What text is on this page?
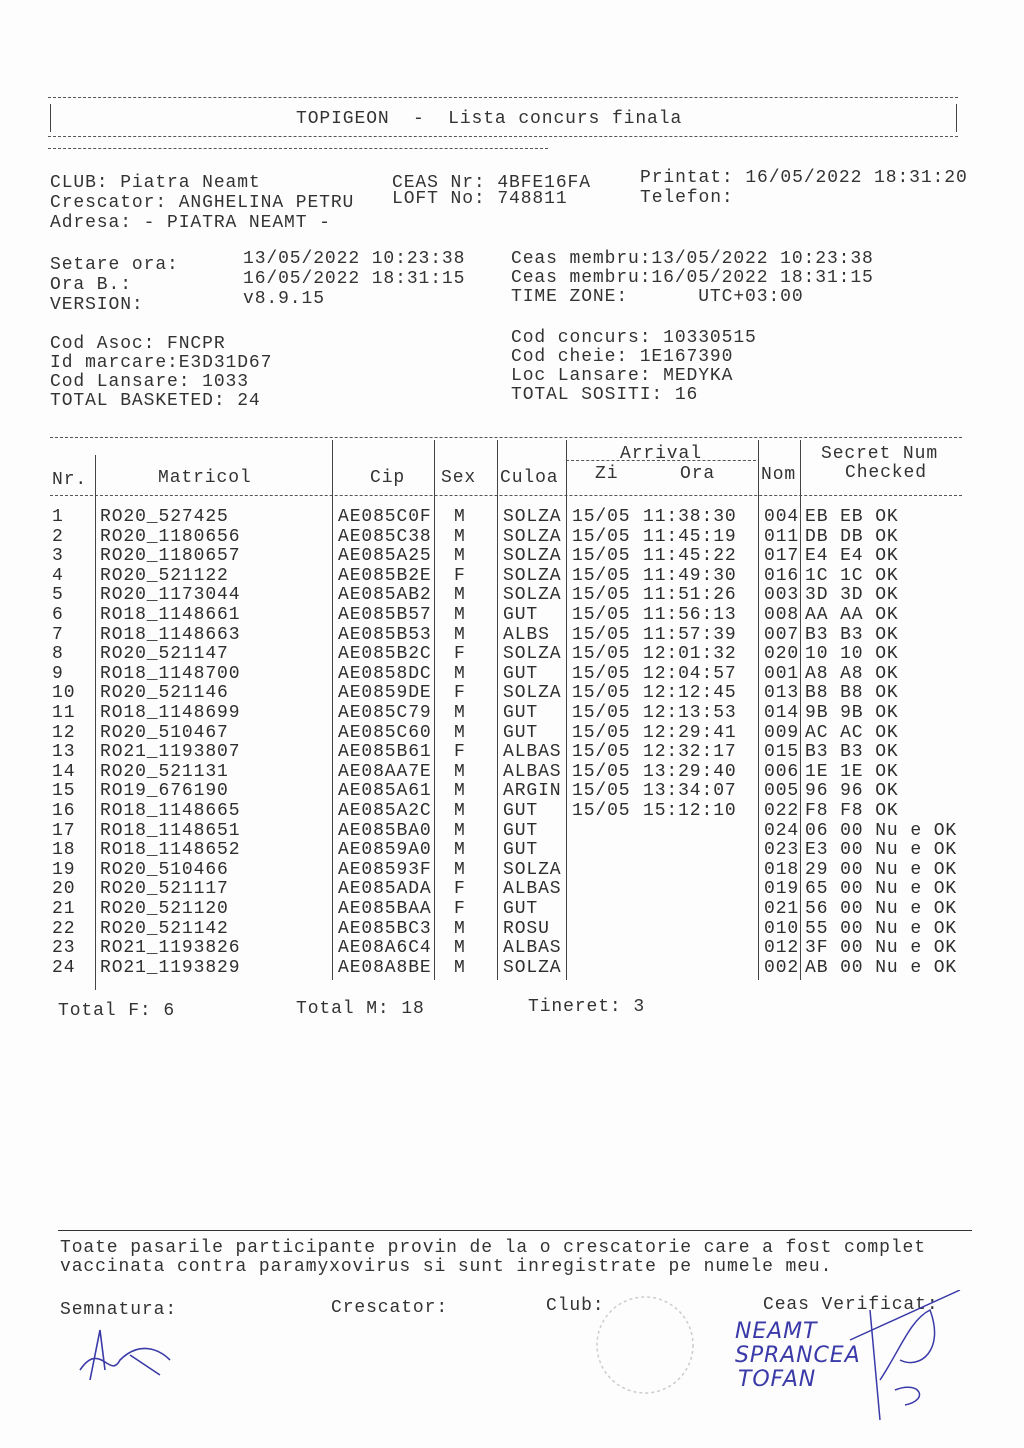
TOPIGEON  -  Lista concurs finala
CLUB: Piatra Neamt
Crescator: ANGHELINA PETRU
Adresa: - PIATRA NEAMT -
CEAS Nr: 4BFE16FA
LOFT No: 748811
Printat: 16/05/2022 18:31:20
Telefon:
Setare ora:	13/05/2022 10:23:38
Ora B.:	16/05/2022 18:31:15
VERSION:	v8.9.15
Ceas membru:13/05/2022 10:23:38
Ceas membru:16/05/2022 18:31:15
TIME ZONE:      UTC+03:00
Cod Asoc: FNCPR
Id marcare:E3D31D67
Cod Lansare: 1033
TOTAL BASKETED: 24
Cod concurs: 10330515
Cod cheie: 1E167390
Loc Lansare: MEDYKA
TOTAL SOSITI: 16
Nr.	Matricol	Cip Sex Culoa
Arrival
Zi	Ora	Nom
Secret Num
Checked
1 RO20_527425	AE085C0F M SOLZA 15/05 11:38:30 004 EB EB OK
2 RO20_1180656	AE085C38 M SOLZA 15/05 11:45:19 011 DB DB OK
3 RO20_1180657	AE085A25 M SOLZA 15/05 11:45:22 017 E4 E4 OK
4 RO20_521122	AE085B2E F SOLZA 15/05 11:49:30 016 1C 1C OK
5 RO20_1173044	AE085AB2 M SOLZA 15/05 11:51:26 003 3D 3D OK
6 RO18_1148661	AE085B57 M GUT 15/05 11:56:13 008 AA AA OK
7 RO18_1148663	AE085B53 M ALBS 15/05 11:57:39 007 B3 B3 OK
8 RO20_521147	AE085B2C F SOLZA 15/05 12:01:32 020 10 10 OK
9 RO18_1148700	AE0858DC M GUT 15/05 12:04:57 001 A8 A8 OK
10 RO20_521146	AE0859DE F SOLZA 15/05 12:12:45 013 B8 B8 OK
11 RO18_1148699	AE085C79 M GUT 15/05 12:13:53 014 9B 9B OK
12 RO20_510467	AE085C60 M GUT 15/05 12:29:41 009 AC AC OK
13 RO21_1193807	AE085B61 F ALBAS 15/05 12:32:17 015 B3 B3 OK
14 RO20_521131	AE08AA7E M ALBAS 15/05 13:29:40 006 1E 1E OK
15 RO19_676190	AE085A61 M ARGIN 15/05 13:34:07 005 96 96 OK
16 RO18_1148665	AE085A2C M GUT 15/05 15:12:10 022 F8 F8 OK
17 RO18_1148651	AE085BA0 M GUT	024 06 00 Nu e OK
18 RO18_1148652	AE0859A0 M GUT	023 E3 00 Nu e OK
19 RO20_510466	AE08593F M SOLZA	018 29 00 Nu e OK
20 RO20_521117	AE085ADA F ALBAS	019 65 00 Nu e OK
21 RO20_521120	AE085BAA F GUT	021 56 00 Nu e OK
22 RO20_521142	AE085BC3 M ROSU	010 55 00 Nu e OK
23 RO21_1193826	AE08A6C4 M ALBAS	012 3F 00 Nu e OK
24 RO21_1193829	AE08A8BE M SOLZA	002 AB 00 Nu e OK
Total F: 6	Total M: 18	Tineret: 3
Toate pasarile participante provin de la o crescatorie care a fost complet
vaccinata contra paramyxovirus si sunt inregistrate pe numele meu.
Semnatura:	Crescator:	Club:	Ceas Verificat:
NEAMT SPRANCEA TOFAN
